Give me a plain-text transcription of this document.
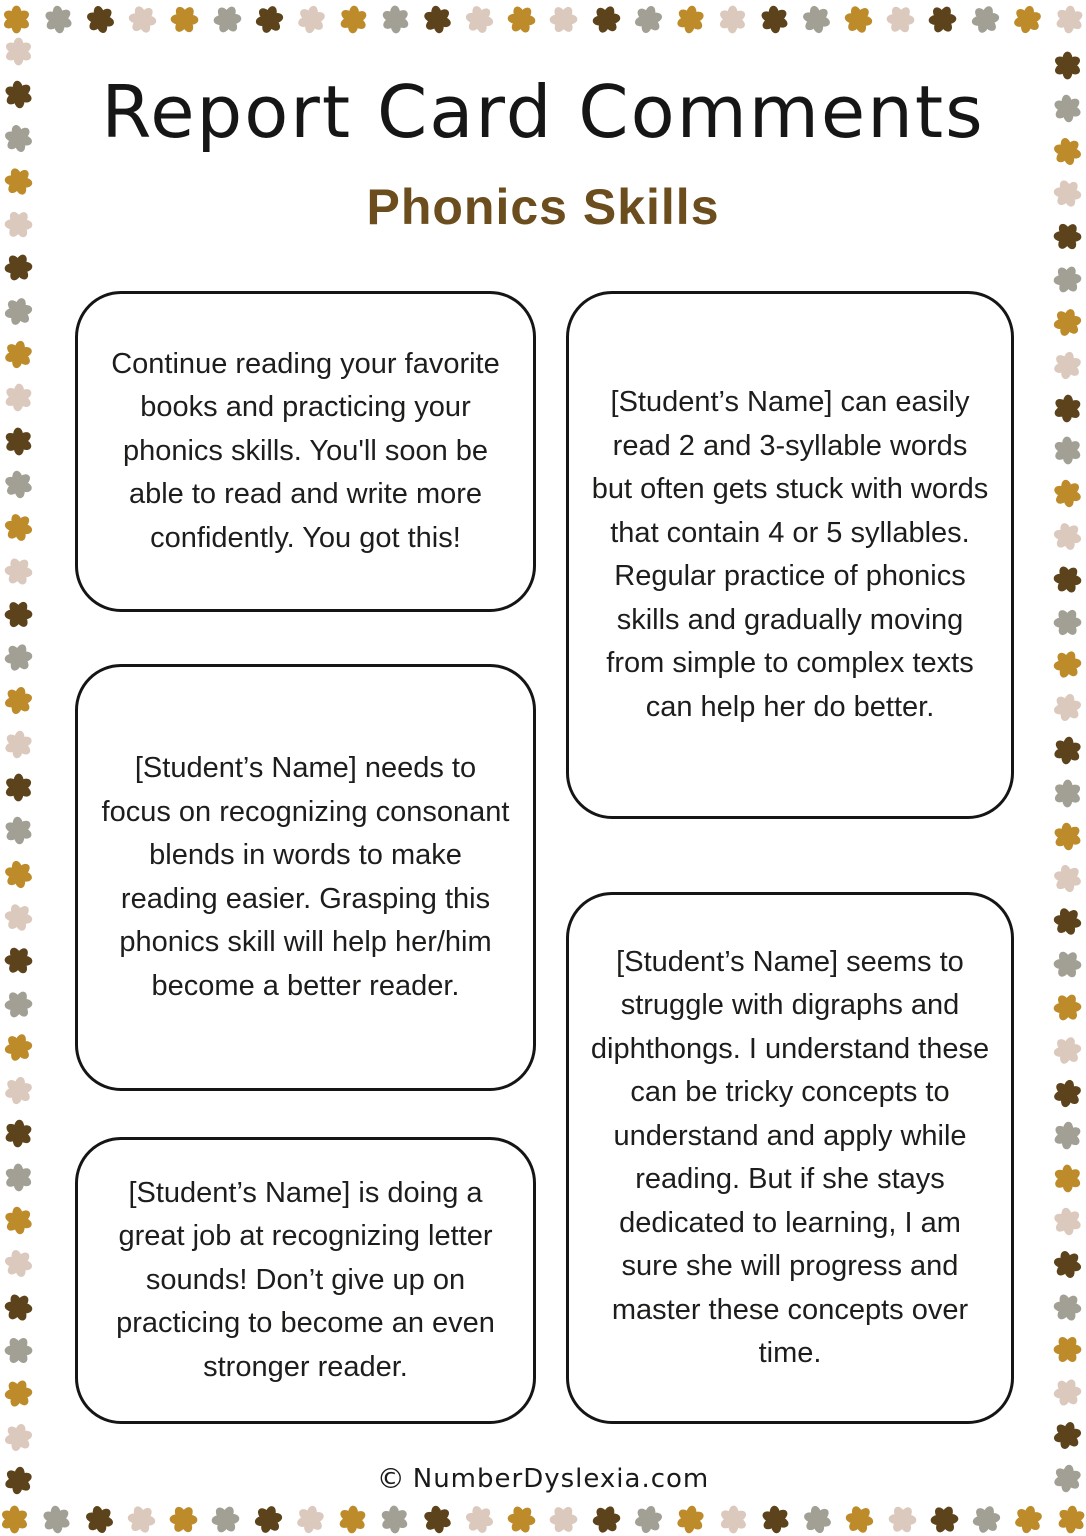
Report Card Comments
Phonics Skills

Continue reading your favorite books and practicing your phonics skills. You'll soon be able to read and write more confidently. You got this!

[Student’s Name] needs to focus on recognizing consonant blends in words to make reading easier. Grasping this phonics skill will help her/him become a better reader.

[Student’s Name] is doing a great job at recognizing letter sounds! Don’t give up on practicing to become an even stronger reader.

[Student’s Name] can easily read 2 and 3-syllable words but often gets stuck with words that contain 4 or 5 syllables. Regular practice of phonics skills and gradually moving from simple to complex texts can help her do better.

[Student’s Name] seems to struggle with digraphs and diphthongs. I understand these can be tricky concepts to understand and apply while reading. But if she stays dedicated to learning, I am sure she will progress and master these concepts over time.

© NumberDyslexia.com
